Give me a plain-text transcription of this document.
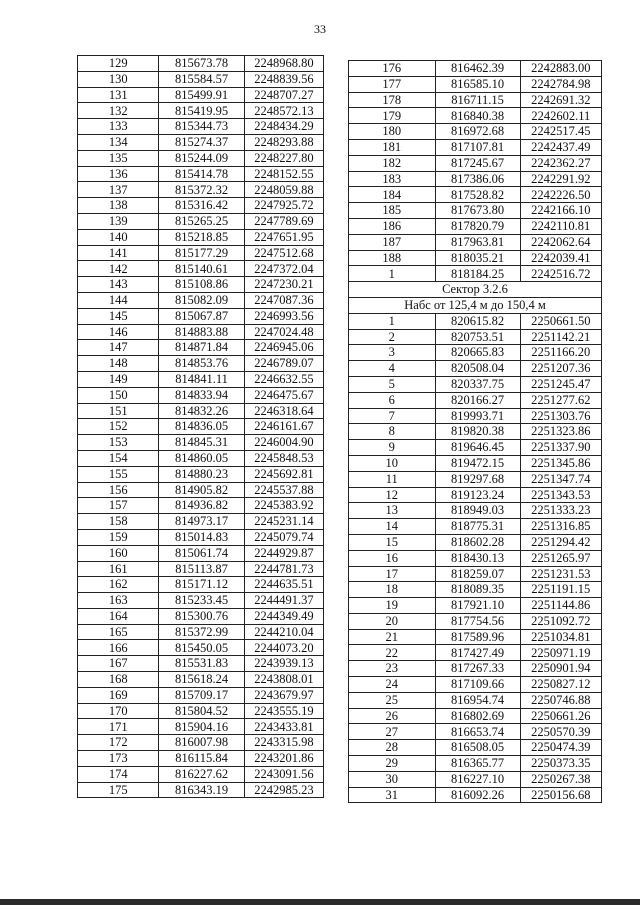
33
129	815673.78	2248968.80
130	815584.57	2248839.56
131	815499.91	2248707.27
132	815419.95	2248572.13
133	815344.73	2248434.29
134	815274.37	2248293.88
135	815244.09	2248227.80
136	815414.78	2248152.55
137	815372.32	2248059.88
138	815316.42	2247925.72
139	815265.25	2247789.69
140	815218.85	2247651.95
141	815177.29	2247512.68
142	815140.61	2247372.04
143	815108.86	2247230.21
144	815082.09	2247087.36
145	815067.87	2246993.56
146	814883.88	2247024.48
147	814871.84	2246945.06
148	814853.76	2246789.07
149	814841.11	2246632.55
150	814833.94	2246475.67
151	814832.26	2246318.64
152	814836.05	2246161.67
153	814845.31	2246004.90
154	814860.05	2245848.53
155	814880.23	2245692.81
156	814905.82	2245537.88
157	814936.82	2245383.92
158	814973.17	2245231.14
159	815014.83	2245079.74
160	815061.74	2244929.87
161	815113.87	2244781.73
162	815171.12	2244635.51
163	815233.45	2244491.37
164	815300.76	2244349.49
165	815372.99	2244210.04
166	815450.05	2244073.20
167	815531.83	2243939.13
168	815618.24	2243808.01
169	815709.17	2243679.97
170	815804.52	2243555.19
171	815904.16	2243433.81
172	816007.98	2243315.98
173	816115.84	2243201.86
174	816227.62	2243091.56
175	816343.19	2242985.23
176	816462.39	2242883.00
177	816585.10	2242784.98
178	816711.15	2242691.32
179	816840.38	2242602.11
180	816972.68	2242517.45
181	817107.81	2242437.49
182	817245.67	2242362.27
183	817386.06	2242291.92
184	817528.82	2242226.50
185	817673.80	2242166.10
186	817820.79	2242110.81
187	817963.81	2242062.64
188	818035.21	2242039.41
1	818184.25	2242516.72
Сектор 3.2.6		
Набс от 125,4 м до 150,4 м		
1	820615.82	2250661.50
2	820753.51	2251142.21
3	820665.83	2251166.20
4	820508.04	2251207.36
5	820337.75	2251245.47
6	820166.27	2251277.62
7	819993.71	2251303.76
8	819820.38	2251323.86
9	819646.45	2251337.90
10	819472.15	2251345.86
11	819297.68	2251347.74
12	819123.24	2251343.53
13	818949.03	2251333.23
14	818775.31	2251316.85
15	818602.28	2251294.42
16	818430.13	2251265.97
17	818259.07	2251231.53
18	818089.35	2251191.15
19	817921.10	2251144.86
20	817754.56	2251092.72
21	817589.96	2251034.81
22	817427.49	2250971.19
23	817267.33	2250901.94
24	817109.66	2250827.12
25	816954.74	2250746.88
26	816802.69	2250661.26
27	816653.74	2250570.39
28	816508.05	2250474.39
29	816365.77	2250373.35
30	816227.10	2250267.38
31	816092.26	2250156.68
